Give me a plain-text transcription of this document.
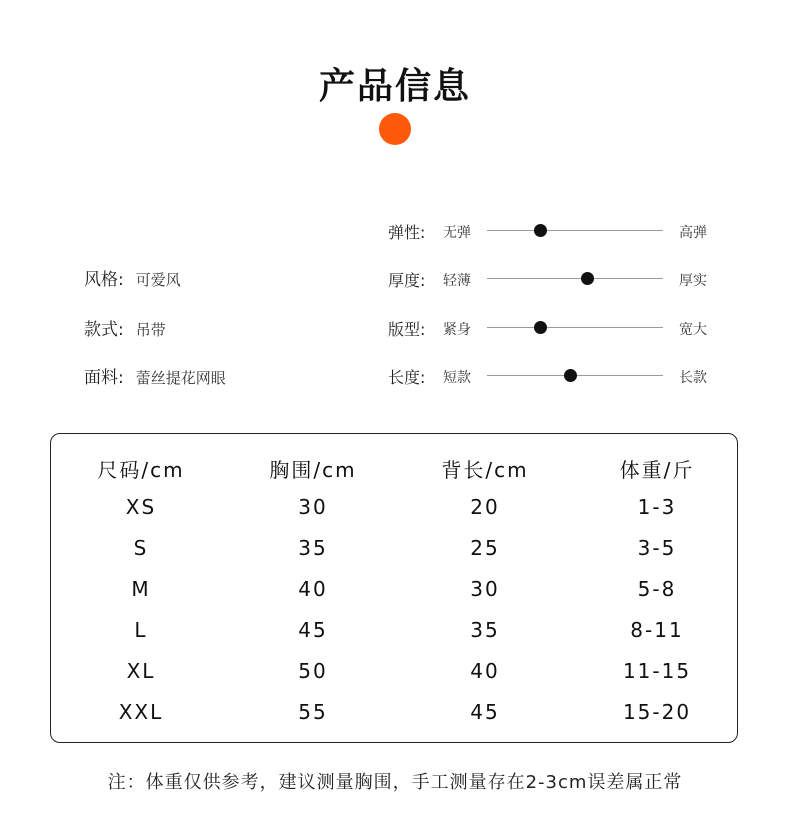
产品信息
风格: 可爱风
款式: 吊带
面料: 蕾丝提花网眼
弹性: 无弹	高弹
厚度: 轻薄	厚实
版型: 紧身	宽大
长度: 短款	长款
尺码/cm	胸围/cm	背长/cm	体重/斤
XS	30	20	1-3
S	35	25	3-5
M	40	30	5-8
L	45	35	8-11
XL	50	40	11-15
XXL	55	45	15-20
注：体重仅供参考，建议测量胸围，手工测量存在2-3cm误差属正常
